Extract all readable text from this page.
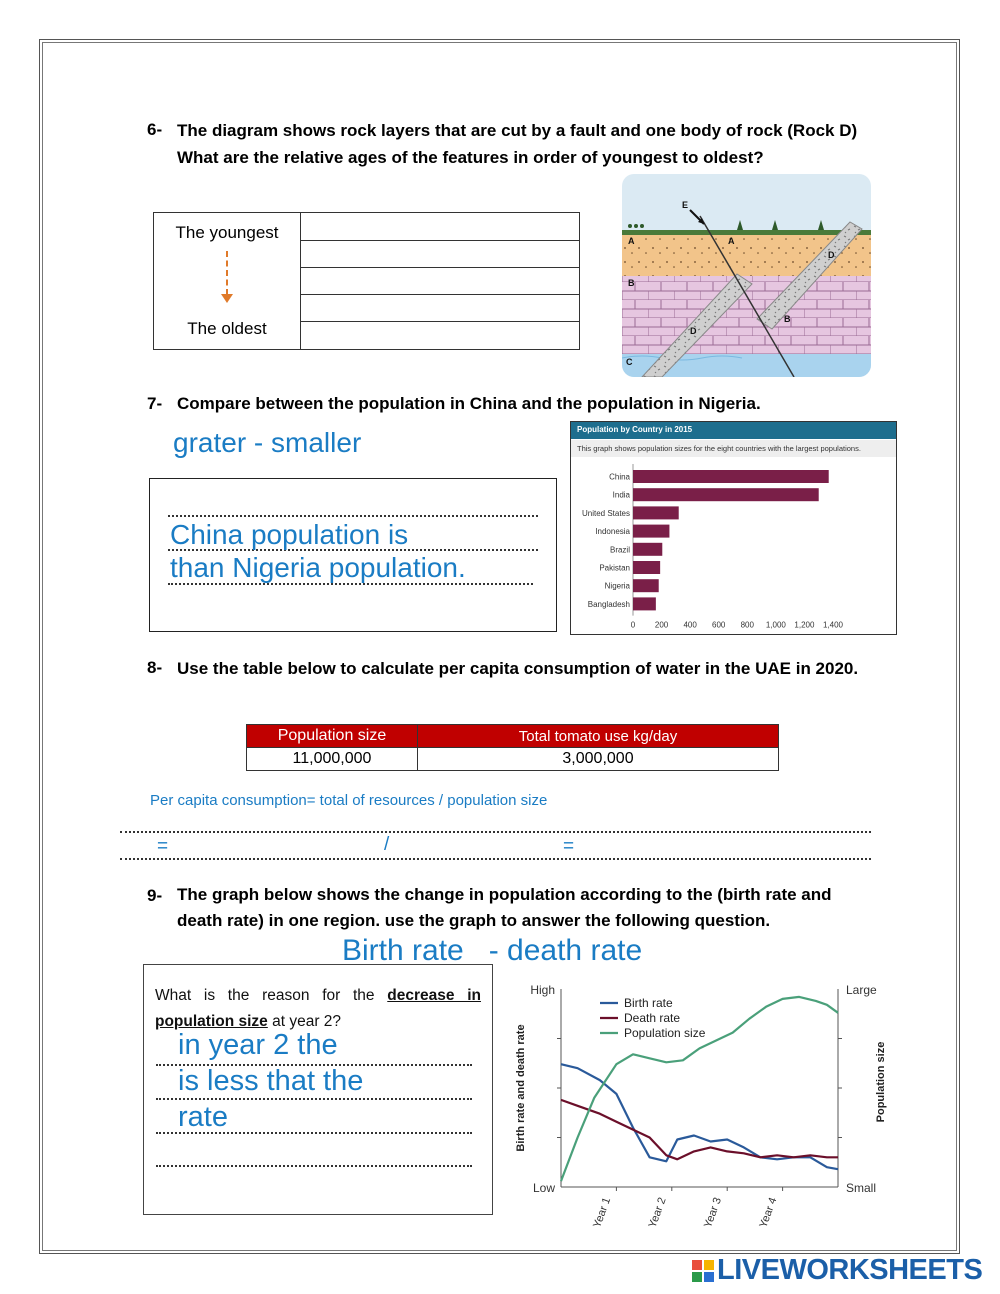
6- The diagram shows rock layers that are cut by a fault and one body of rock (Rock D) What are the relative ages of the features in order of youngest to oldest?
The youngest
The oldest
E
A	A
D
B
B
D
C
7- Compare between the population in China and the population in Nigeria.
grater - smaller
China population is
than Nigeria population.
Population by Country in 2015
This graph shows population sizes for the eight countries with the largest populations.
China
India
United States
Indonesia
Brazil
Pakistan
Nigeria
Bangladesh
0 200 400 600 800 1,000 1,200 1,400
8- Use the table below to calculate per capita consumption of water in the UAE in 2020.
Population size	Total tomato use kg/day
11,000,000	3,000,000
Per capita consumption= total of resources / population size
=	/	=
9- The graph below shows the change in population according to the (birth rate and death rate) in one region. use the graph to answer the following question.
Birth rate   - death rate
What is the reason for the decrease in population size at year 2?
in year 2 the
is less that the
rate
High
Low
Large
Small
Birth rate and death rate	Population size
Year 1	Year 2	Year 3	Year 4
Birth rate
Death rate
Population size
LIVEWORKSHEETS
